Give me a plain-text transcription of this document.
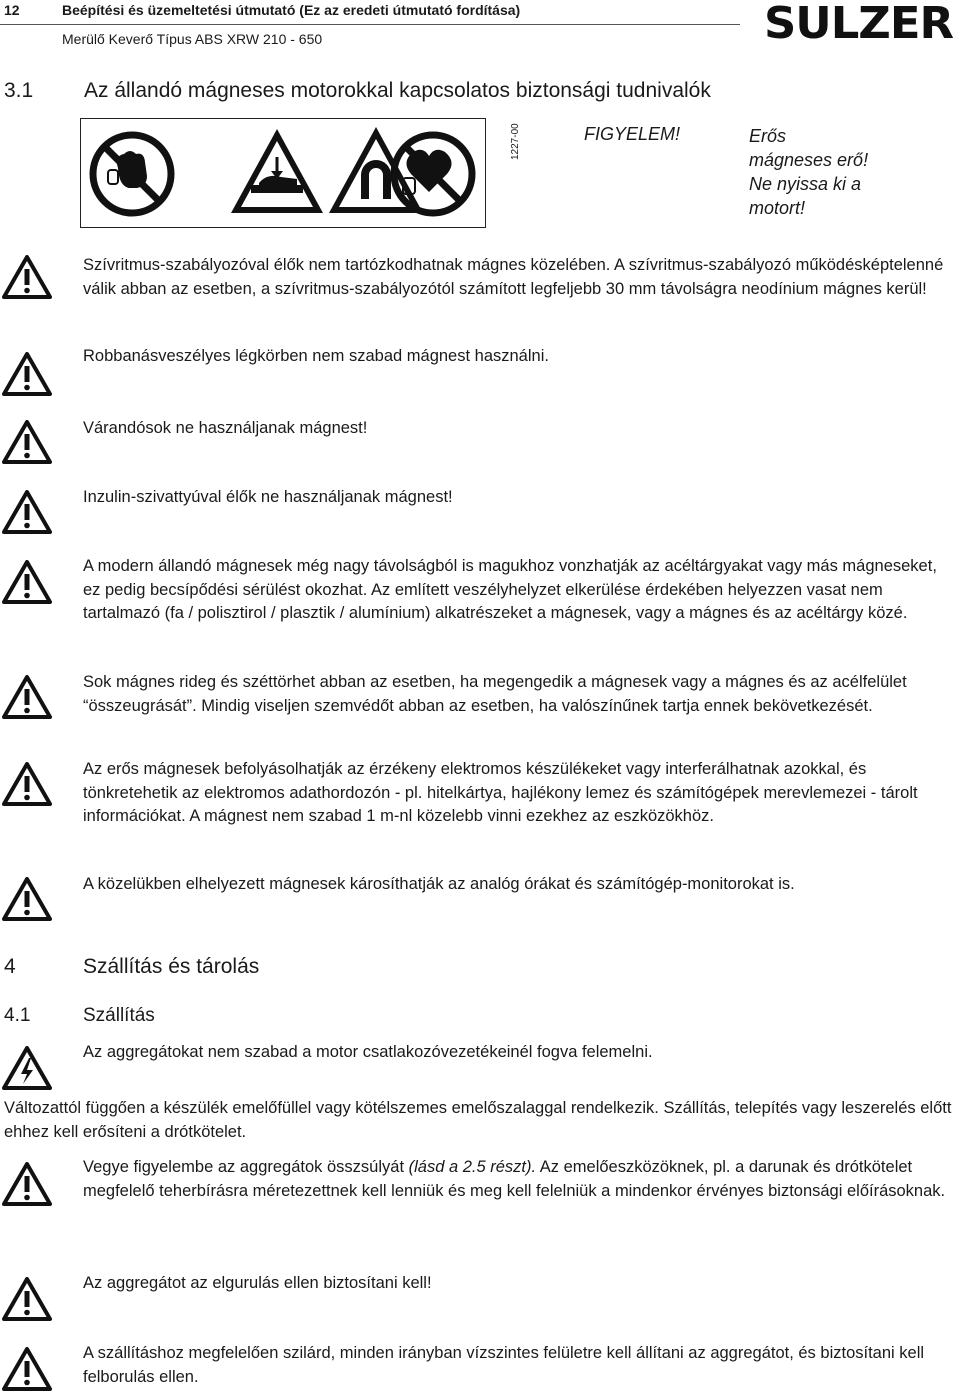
12	Beépítési és üzemeltetési útmutató (Ez az eredeti útmutató fordítása)
Merülő Keverő Típus ABS XRW 210 - 650	SULZER
3.1 Az állandó mágneses motorokkal kapcsolatos biztonsági tudnivalók
1227-00	FIGYELEM!	Erős
mágneses erő!
Ne nyissa ki a
motort!

Szívritmus-szabályozóval élők nem tartózkodhatnak mágnes közelében. A szívritmus-szabályozó működésképtelenné válik abban az esetben, a szívritmus-szabályozótól számított legfeljebb 30 mm távolságra neodínium mágnes kerül!

Robbanásveszélyes légkörben nem szabad mágnest használni.

Várandósok ne használjanak mágnest!

Inzulin-szivattyúval élők ne használjanak mágnest!

A modern állandó mágnesek még nagy távolságból is magukhoz vonzhatják az acéltárgyakat vagy más mágneseket, ez pedig becsípődési sérülést okozhat. Az említett veszélyhelyzet elkerülése érdekében helyezzen vasat nem tartalmazó (fa / polisztirol / plasztik / alumínium) alkatrészeket a mágnesek, vagy a mágnes és az acéltárgy közé.

Sok mágnes rideg és széttörhet abban az esetben, ha megengedik a mágnesek vagy a mágnes és az acélfelület “összeugrását”. Mindig viseljen szemvédőt abban az esetben, ha valószínűnek tartja ennek bekövetkezését.

Az erős mágnesek befolyásolhatják az érzékeny elektromos készülékeket vagy interferálhatnak azokkal, és tönkretehetik az elektromos adathordozón - pl. hitelkártya, hajlékony lemez és számítógépek merevlemezei - tárolt információkat. A mágnest nem szabad 1 m-nl közelebb vinni ezekhez az eszközökhöz.

A közelükben elhelyezett mágnesek károsíthatják az analóg órákat és számítógép-monitorokat is.

4	Szállítás és tárolás
4.1	Szállítás

Az aggregátokat nem szabad a motor csatlakozóvezetékeinél fogva felemelni.

Változattól függően a készülék emelőfüllel vagy kötélszemes emelőszalaggal rendelkezik. Szállítás, telepítés vagy leszerelés előtt ehhez kell erősíteni a drótkötelet.

Vegye figyelembe az aggregátok összsúlyát (lásd a 2.5 részt). Az emelőeszközöknek, pl. a darunak és drótkötelet megfelelő teherbírásra méretezettnek kell lenniük és meg kell felelniük a mindenkor érvényes biztonsági előírásoknak.

Az aggregátot az elgurulás ellen biztosítani kell!

A szállításhoz megfelelően szilárd, minden irányban vízszintes felületre kell állítani az aggregátot, és biztosítani kell felborulás ellen.
